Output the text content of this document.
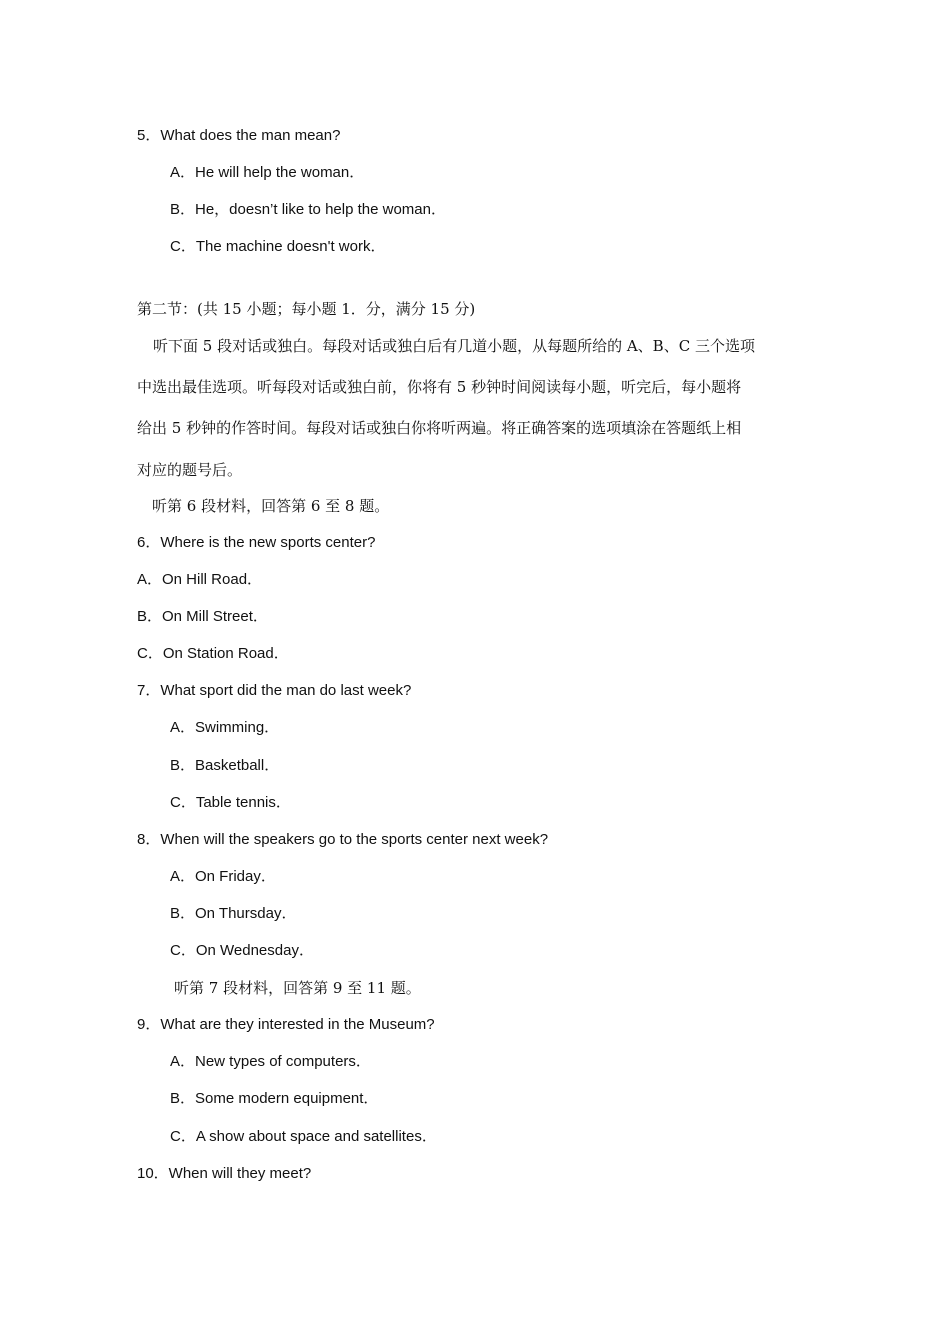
5．What does the man mean?
A．He will help the woman．
B．He，doesn’t like to help the woman．
C．The machine doesn't work．
第二节：(共 15 小题；每小题 1．分，满分 15 分)
听下面 5 段对话或独白。每段对话或独白后有几道小题，从每题所给的 A、B、C 三个选项
中选出最佳选项。听每段对话或独白前，你将有 5 秒钟时间阅读每小题，听完后，每小题将
给出 5 秒钟的作答时间。每段对话或独白你将听两遍。将正确答案的选项填涂在答题纸上相
对应的题号后。
听第 6 段材料，回答第 6 至 8 题。
6．Where is the new sports center?
A．On Hill Road．
B．On Mill Street．
C．On Station Road．
7．What sport did the man do last week?
A．Swimming．
B．Basketball．
C．Table tennis．
8．When will the speakers go to the sports center next week?
A．On Friday．
B．On Thursday．
C．On Wednesday．
听第 7 段材料，回答第 9 至 11 题。
9．What are they interested in the Museum?
A．New types of computers．
B．Some modern equipment．
C．A show about space and satellites．
10．When will they meet?
